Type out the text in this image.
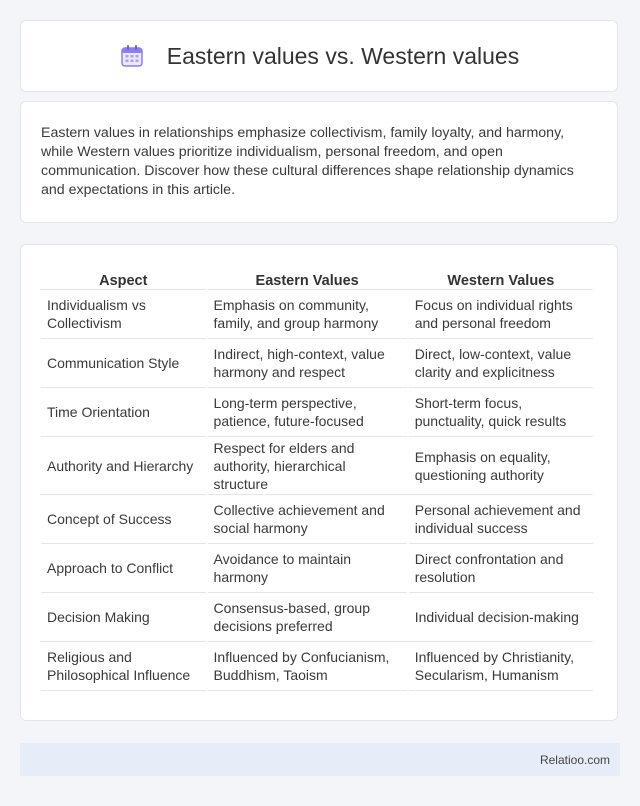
Eastern values vs. Western values

Eastern values in relationships emphasize collectivism, family loyalty, and harmony, while Western values prioritize individualism, personal freedom, and open communication. Discover how these cultural differences shape relationship dynamics and expectations in this article.

Aspect	Eastern Values	Western Values
Individualism vs Collectivism	Emphasis on community, family, and group harmony	Focus on individual rights and personal freedom
Communication Style	Indirect, high-context, value harmony and respect	Direct, low-context, value clarity and explicitness
Time Orientation	Long-term perspective, patience, future-focused	Short-term focus, punctuality, quick results
Authority and Hierarchy	Respect for elders and authority, hierarchical structure	Emphasis on equality, questioning authority
Concept of Success	Collective achievement and social harmony	Personal achievement and individual success
Approach to Conflict	Avoidance to maintain harmony	Direct confrontation and resolution
Decision Making	Consensus-based, group decisions preferred	Individual decision-making
Religious and Philosophical Influence	Influenced by Confucianism, Buddhism, Taoism	Influenced by Christianity, Secularism, Humanism
Relatioo.com
